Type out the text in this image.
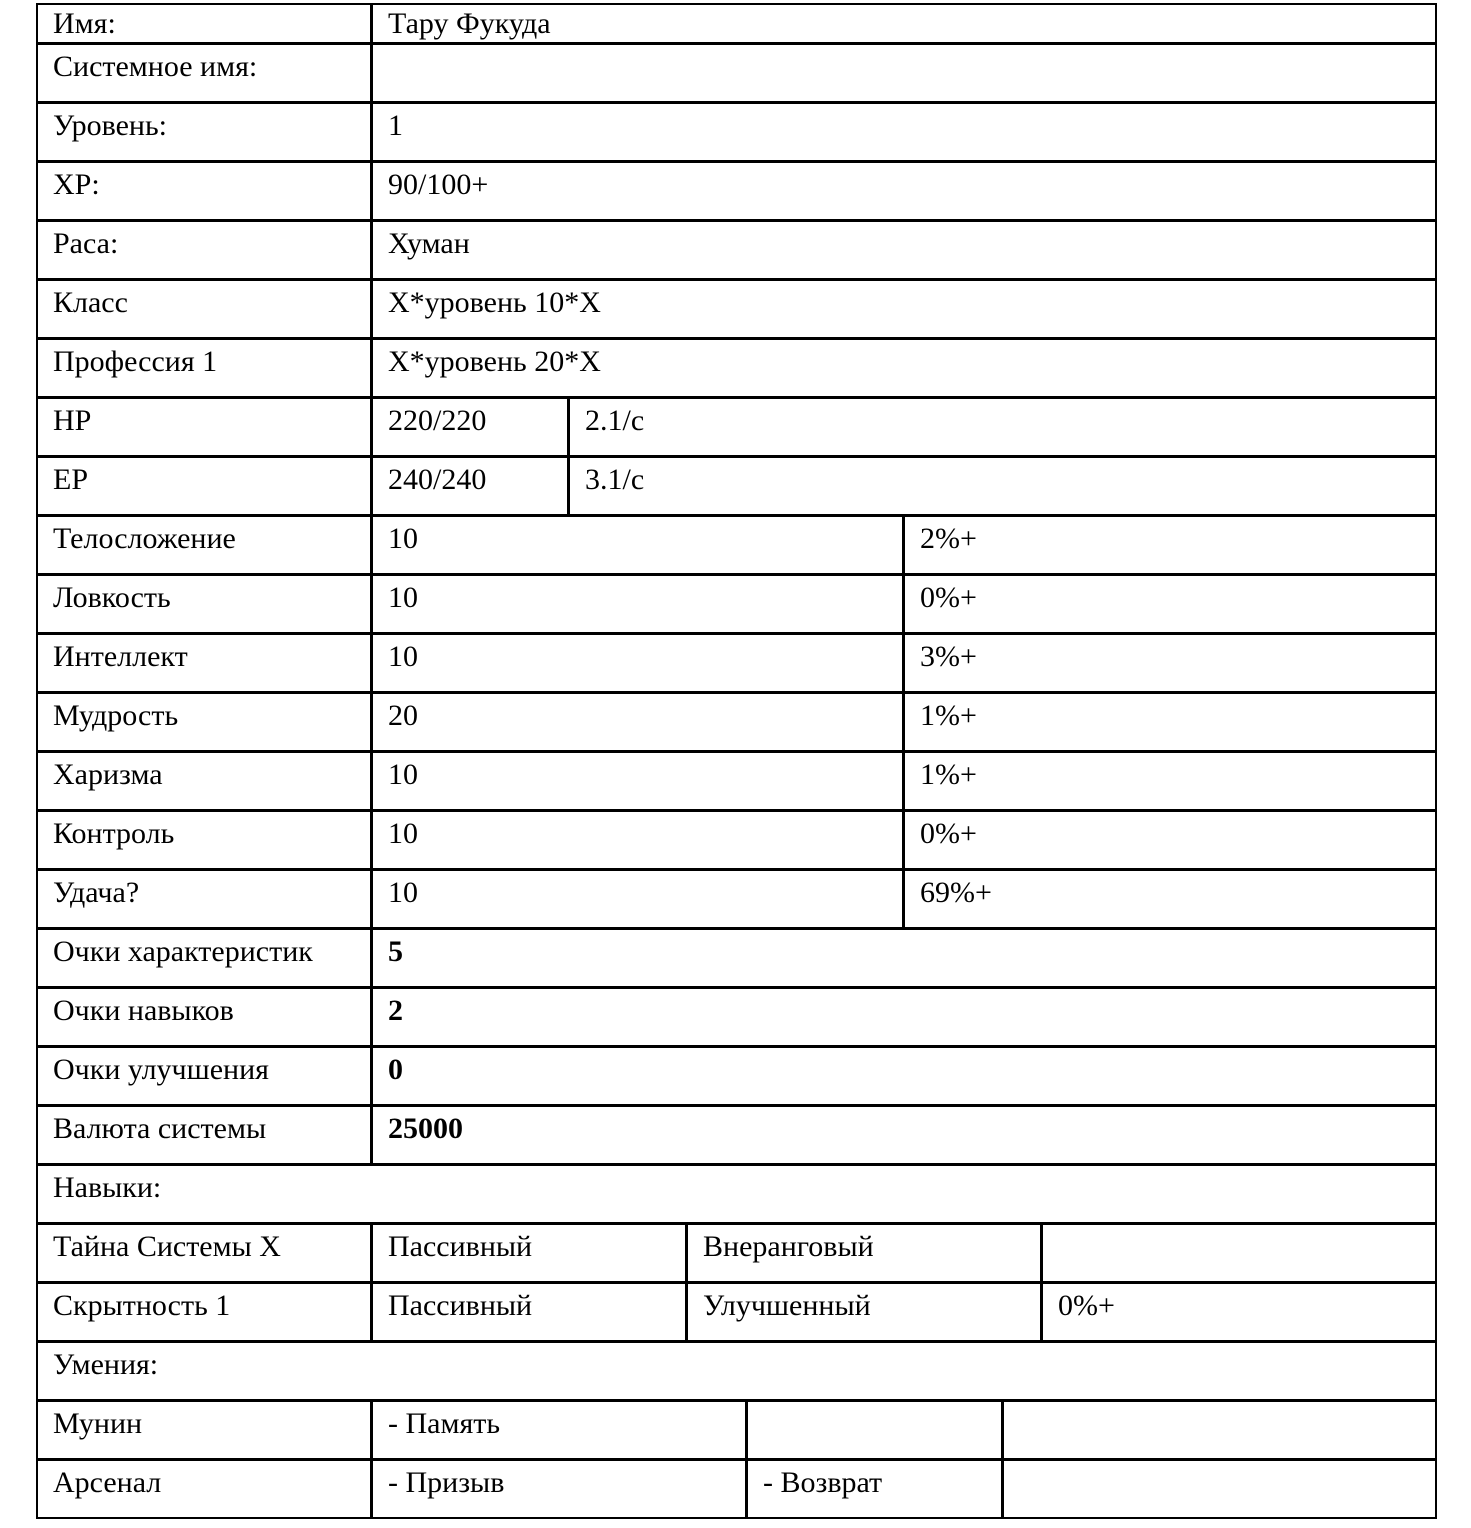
Имя:	Тару Фукуда
Системное имя:
Уровень:	1
XP:	90/100+
Раса:	Хуман
Класс	X*уровень 10*X
Профессия 1	X*уровень 20*X
HP	220/220	2.1/с
EP	240/240	3.1/с
Телосложение	10	2%+
Ловкость	10	0%+
Интеллект	10	3%+
Мудрость	20	1%+
Харизма	10	1%+
Контроль	10	0%+
Удача?	10	69%+
Очки характеристик	5
Очки навыков	2
Очки улучшения	0
Валюта системы	25000
Навыки:
Тайна Системы X	Пассивный	Внеранговый
Скрытность 1	Пассивный	Улучшенный	0%+
Умения:
Мунин	- Память
Арсенал	- Призыв	- Возврат
